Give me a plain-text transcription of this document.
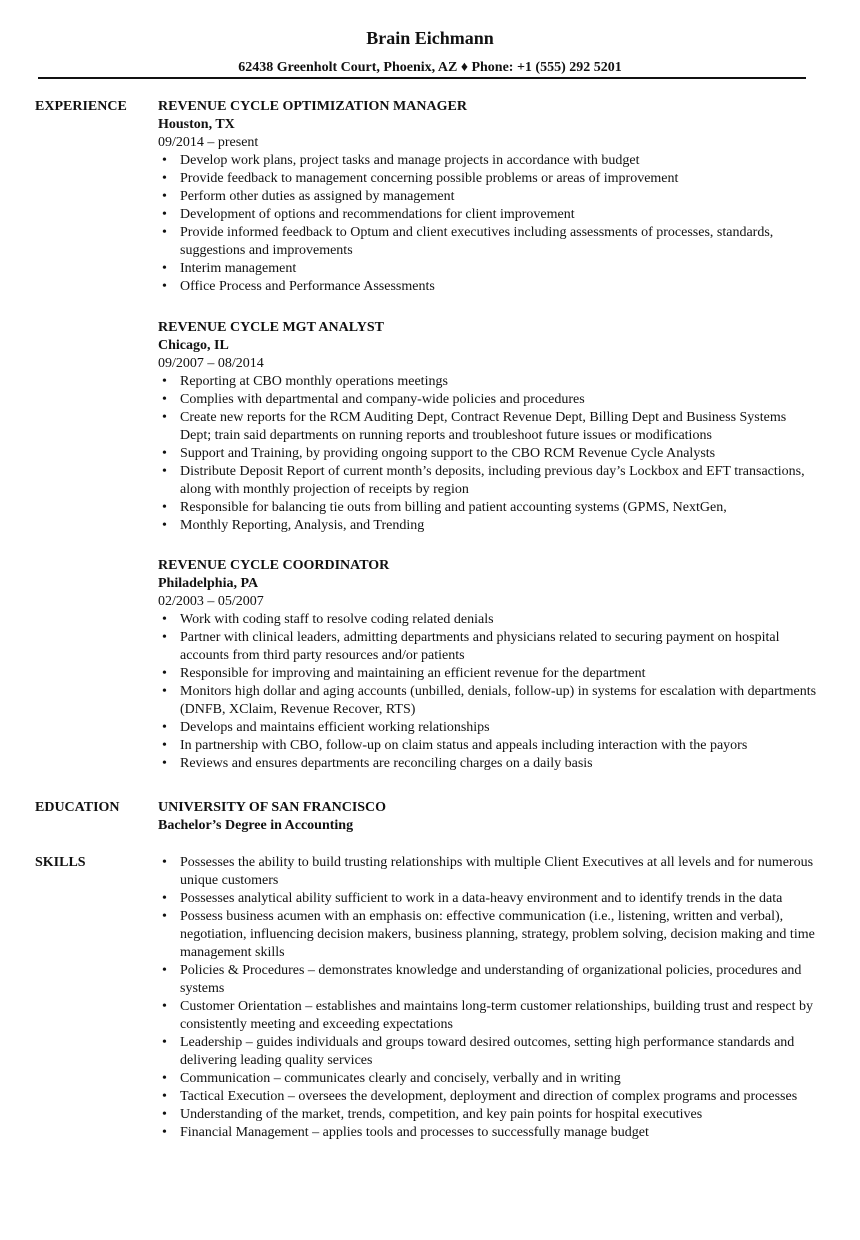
Brain Eichmann
62438 Greenholt Court, Phoenix, AZ ♦ Phone: +1 (555) 292 5201
EXPERIENCE REVENUE CYCLE OPTIMIZATION MANAGER
Houston, TX
09/2014 – present
• Develop work plans, project tasks and manage projects in accordance with budget
• Provide feedback to management concerning possible problems or areas of improvement
• Perform other duties as assigned by management
• Development of options and recommendations for client improvement
• Provide informed feedback to Optum and client executives including assessments of processes, standards, suggestions and improvements
• Interim management
• Office Process and Performance Assessments
REVENUE CYCLE MGT ANALYST
Chicago, IL
09/2007 – 08/2014
• Reporting at CBO monthly operations meetings
• Complies with departmental and company-wide policies and procedures
• Create new reports for the RCM Auditing Dept, Contract Revenue Dept, Billing Dept and Business Systems Dept; train said departments on running reports and troubleshoot future issues or modifications
• Support and Training, by providing ongoing support to the CBO RCM Revenue Cycle Analysts
• Distribute Deposit Report of current month’s deposits, including previous day’s Lockbox and EFT transactions, along with monthly projection of receipts by region
• Responsible for balancing tie outs from billing and patient accounting systems (GPMS, NextGen,
• Monthly Reporting, Analysis, and Trending
REVENUE CYCLE COORDINATOR
Philadelphia, PA
02/2003 – 05/2007
• Work with coding staff to resolve coding related denials
• Partner with clinical leaders, admitting departments and physicians related to securing payment on hospital accounts from third party resources and/or patients
• Responsible for improving and maintaining an efficient revenue for the department
• Monitors high dollar and aging accounts (unbilled, denials, follow-up) in systems for escalation with departments (DNFB, XClaim, Revenue Recover, RTS)
• Develops and maintains efficient working relationships
• In partnership with CBO, follow-up on claim status and appeals including interaction with the payors
• Reviews and ensures departments are reconciling charges on a daily basis
EDUCATION	UNIVERSITY OF SAN FRANCISCO
Bachelor’s Degree in Accounting
SKILLS	• Possesses the ability to build trusting relationships with multiple Client Executives at all levels and for numerous unique customers
• Possesses analytical ability sufficient to work in a data-heavy environment and to identify trends in the data
• Possess business acumen with an emphasis on: effective communication (i.e., listening, written and verbal), negotiation, influencing decision makers, business planning, strategy, problem solving, decision making and time management skills
• Policies & Procedures – demonstrates knowledge and understanding of organizational policies, procedures and systems
• Customer Orientation – establishes and maintains long-term customer relationships, building trust and respect by consistently meeting and exceeding expectations
• Leadership – guides individuals and groups toward desired outcomes, setting high performance standards and delivering leading quality services
• Communication – communicates clearly and concisely, verbally and in writing
• Tactical Execution – oversees the development, deployment and direction of complex programs and processes
• Understanding of the market, trends, competition, and key pain points for hospital executives
• Financial Management – applies tools and processes to successfully manage budget
